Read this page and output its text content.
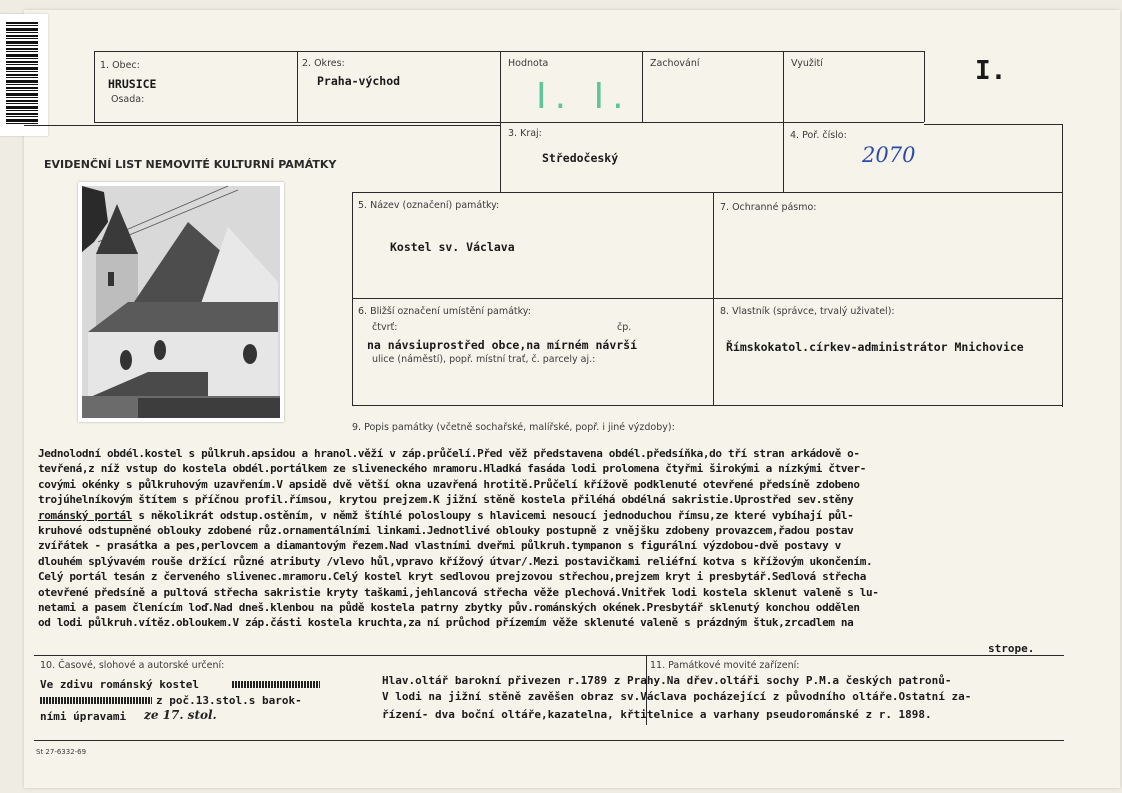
1. Obec:
HRUSICE
Osada:
2. Okres:
Praha-východ
Hodnota
I. I.
Zachování	Využití	I.
EVIDENČNÍ LIST NEMOVITÉ KULTURNÍ PAMÁTKY
3. Kraj:
Středočeský
4. Poř. číslo:
2070
5. Název (označení) památky:
Kostel sv. Václava
7. Ochranné pásmo:
6. Bližší označení umístění památky:
čtvrť:	čp.
na návsiuprostřed obce,na mírném návrší
ulice (náměstí), popř. místní trať, č. parcely aj.:
8. Vlastník (správce, trvalý uživatel):
Římskokatol.církev-administrátor Mnichovice
9. Popis památky (včetně sochařské, malířské, popř. i jiné výzdoby):
Jednolodní obdél.kostel s půlkruh.apsidou a hranol.věží v záp.průčelí.Před věž představena obdél.předsíňka,do tří stran arkádově o-
tevřená,z níž vstup do kostela obdél.portálkem ze sliveneckého mramoru.Hladká fasáda lodi prolomena čtyřmi širokými a nízkými čtver-
covými okénky s půlkruhovým uzavřením.V apsidě dvě větší okna uzavřená hrotitě.Průčelí křížově podklenuté otevřené předsíně zdobeno
trojúhelníkovým štítem s příčnou profil.římsou, krytou prejzem.K jižní stěně kostela přiléhá obdélná sakristie.Uprostřed sev.stěny
románský portál s několikrát odstup.ostěním, v němž štíhlé polosloupy s hlavicemi nesoucí jednoduchou římsu,ze které vybíhají půl-
kruhové odstupněné oblouky zdobené růz.ornamentálními linkami.Jednotlivé oblouky postupně z vnějšku zdobeny provazcem,řadou postav
zvířátek - prasátka a pes,perlovcem a diamantovým řezem.Nad vlastními dveřmi půlkruh.tympanon s figurální výzdobou-dvě postavy v
dlouhém splývavém rouše držící různé atributy /vlevo hůl,vpravo křížový útvar/.Mezi postavičkami reliéfní kotva s křížovým ukončením.
Celý portál tesán z červeného slivenec.mramoru.Celý kostel kryt sedlovou prejzovou střechou,prejzem kryt i presbytář.Sedlová střecha
otevřené předsíně a pultová střecha sakristie kryty taškami,jehlancová střecha věže plechová.Vnitřek lodi kostela sklenut valeně s lu-
netami a pasem členícím loď.Nad dneš.klenbou na půdě kostela patrny zbytky pův.románských okének.Presbytář sklenutý konchou oddělen
od lodi půlkruh.vítěz.obloukem.V záp.části kostela kruchta,za ní průchod přízemím věže sklenuté valeně s prázdným štuk,zrcadlem na
strope.
10. Časové, slohové a autorské určení:
Ve zdivu románský kostel
z poč.13.stol.s barok-
ními úpravami ze 17. stol.
Hlav.oltář barokní přivezen r.1789 z Prahy.Na dřev.oltáři sochy P.M.a českých patronů-
11. Památkové movité zařízení:
V lodi na jižní stěně zavěšen obraz sv.Václava pocházející z původního oltáře.Ostatní za-
řízení- dva boční oltáře,kazatelna, křtitelnice a varhany pseudorománské z r. 1898.
St 27-6332-69
